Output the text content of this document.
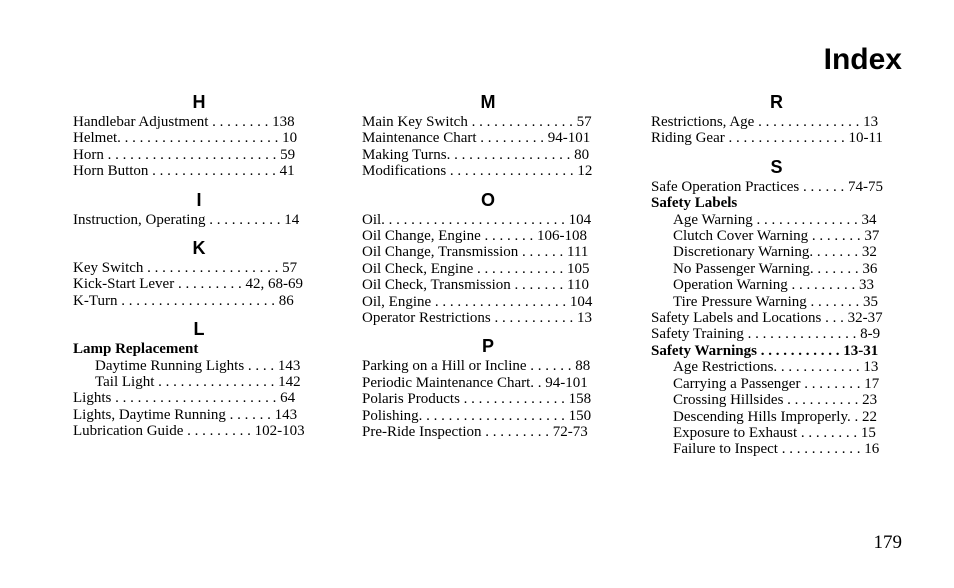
Index
H
Handlebar Adjustment . . . . . . . . 138
Helmet. . . . . . . . . . . . . . . . . . . . . . 10
Horn . . . . . . . . . . . . . . . . . . . . . . . 59
Horn Button . . . . . . . . . . . . . . . . . 41
I
Instruction, Operating . . . . . . . . . . 14
K
Key Switch . . . . . . . . . . . . . . . . . . 57
Kick-Start Lever . . . . . . . . . 42, 68-69
K-Turn . . . . . . . . . . . . . . . . . . . . . 86
L
Lamp Replacement
Daytime Running Lights . . . . 143
Tail Light . . . . . . . . . . . . . . . . 142
Lights . . . . . . . . . . . . . . . . . . . . . . 64
Lights, Daytime Running . . . . . . 143
Lubrication Guide . . . . . . . . . 102-103
M
Main Key Switch . . . . . . . . . . . . . . 57
Maintenance Chart . . . . . . . . . 94-101
Making Turns. . . . . . . . . . . . . . . . . 80
Modifications . . . . . . . . . . . . . . . . . 12
O
Oil. . . . . . . . . . . . . . . . . . . . . . . . . 104
Oil Change, Engine . . . . . . . 106-108
Oil Change, Transmission . . . . . . 111
Oil Check, Engine . . . . . . . . . . . . 105
Oil Check, Transmission . . . . . . . 110
Oil, Engine . . . . . . . . . . . . . . . . . . 104
Operator Restrictions . . . . . . . . . . . 13
P
Parking on a Hill or Incline . . . . . . 88
Periodic Maintenance Chart. . 94-101
Polaris Products . . . . . . . . . . . . . . 158
Polishing. . . . . . . . . . . . . . . . . . . . 150
Pre-Ride Inspection . . . . . . . . . 72-73
R
Restrictions, Age . . . . . . . . . . . . . . 13
Riding Gear . . . . . . . . . . . . . . . . 10-11
S
Safe Operation Practices . . . . . . 74-75
Safety Labels
Age Warning . . . . . . . . . . . . . . 34
Clutch Cover Warning . . . . . . . 37
Discretionary Warning. . . . . . . 32
No Passenger Warning. . . . . . . 36
Operation Warning . . . . . . . . . 33
Tire Pressure Warning . . . . . . . 35
Safety Labels and Locations . . . 32-37
Safety Training . . . . . . . . . . . . . . . 8-9
Safety Warnings . . . . . . . . . . . 13-31
Age Restrictions. . . . . . . . . . . . 13
Carrying a Passenger . . . . . . . . 17
Crossing Hillsides . . . . . . . . . . 23
Descending Hills Improperly. . 22
Exposure to Exhaust . . . . . . . . 15
Failure to Inspect . . . . . . . . . . . 16
179
